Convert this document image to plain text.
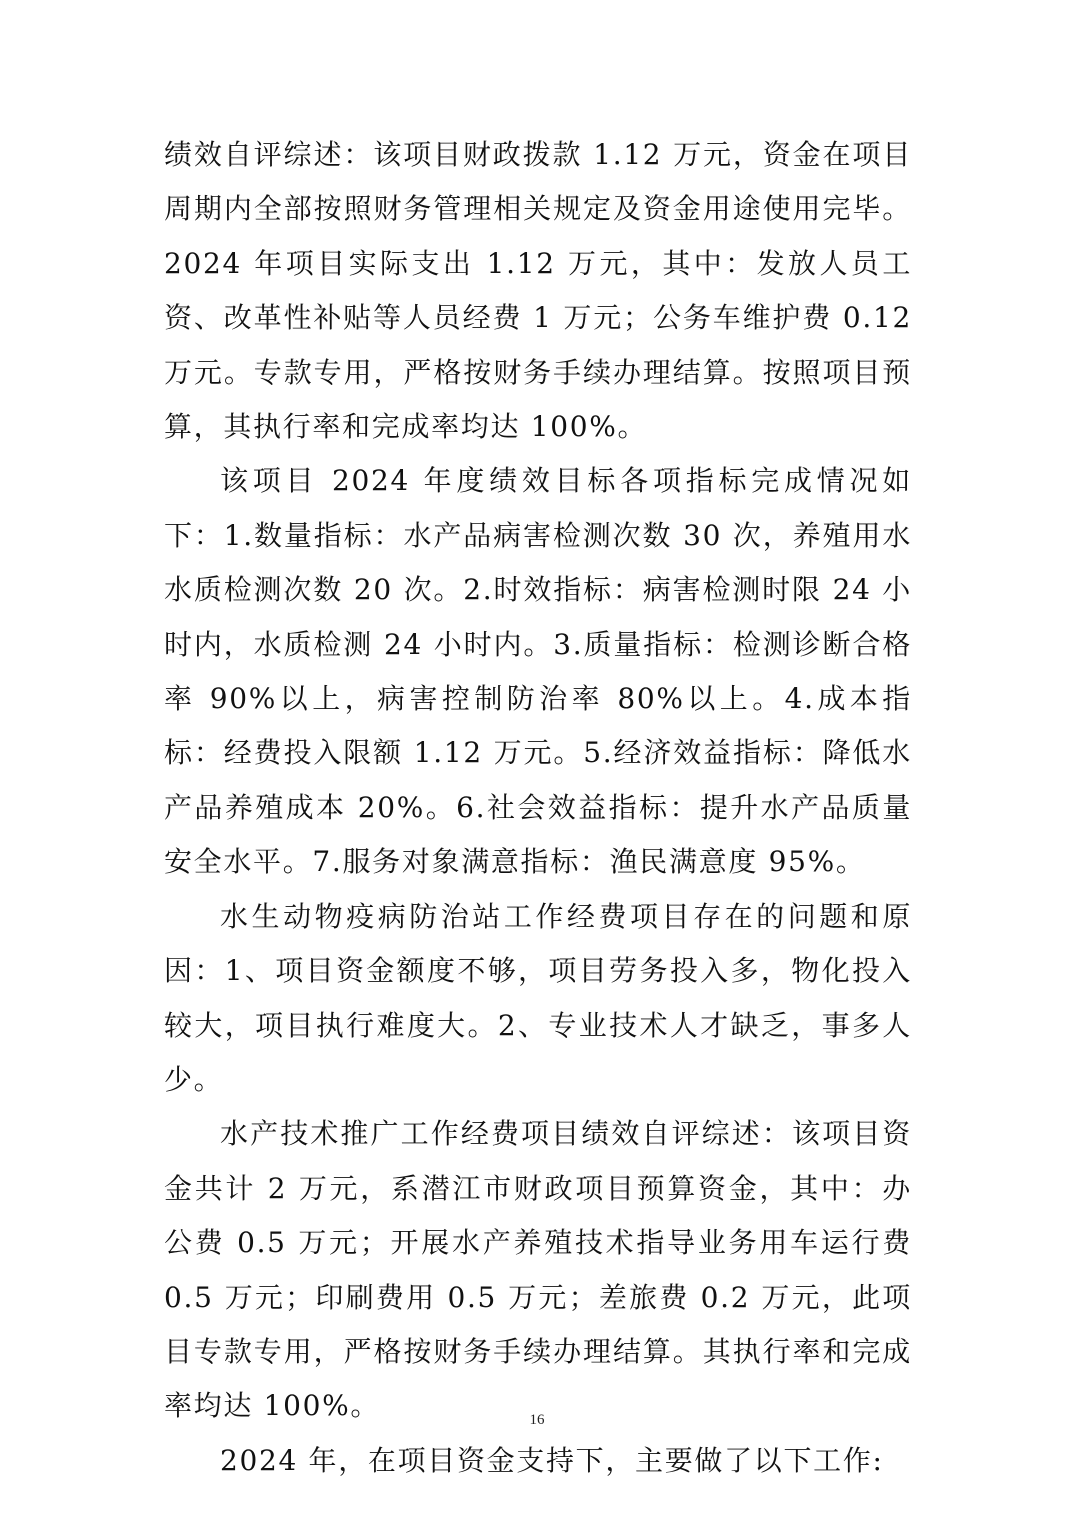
绩效自评综述：该项目财政拨款 1.12 万元，资金在项目周期内全部按照财务管理相关规定及资金用途使用完毕。2024 年项目实际支出 1.12 万元，其中：发放人员工资、改革性补贴等人员经费 1 万元；公务车维护费 0.12 万元。专款专用，严格按财务手续办理结算。按照项目预算，其执行率和完成率均达 100%。

该项目 2024 年度绩效目标各项指标完成情况如下：1.数量指标：水产品病害检测次数 30 次，养殖用水水质检测次数 20 次。2.时效指标：病害检测时限 24 小时内，水质检测 24 小时内。3.质量指标：检测诊断合格率 90%以上，病害控制防治率 80%以上。4.成本指标：经费投入限额 1.12 万元。5.经济效益指标：降低水产品养殖成本 20%。6.社会效益指标：提升水产品质量安全水平。7.服务对象满意指标：渔民满意度 95%。

水生动物疫病防治站工作经费项目存在的问题和原因：1、项目资金额度不够，项目劳务投入多，物化投入较大，项目执行难度大。2、专业技术人才缺乏，事多人少。

水产技术推广工作经费项目绩效自评综述：该项目资金共计 2 万元，系潜江市财政项目预算资金，其中：办公费 0.5 万元；开展水产养殖技术指导业务用车运行费 0.5 万元；印刷费用 0.5 万元；差旅费 0.2 万元，此项目专款专用，严格按财务手续办理结算。其执行率和完成率均达 100%。

2024 年，在项目资金支持下，主要做了以下工作:

16
